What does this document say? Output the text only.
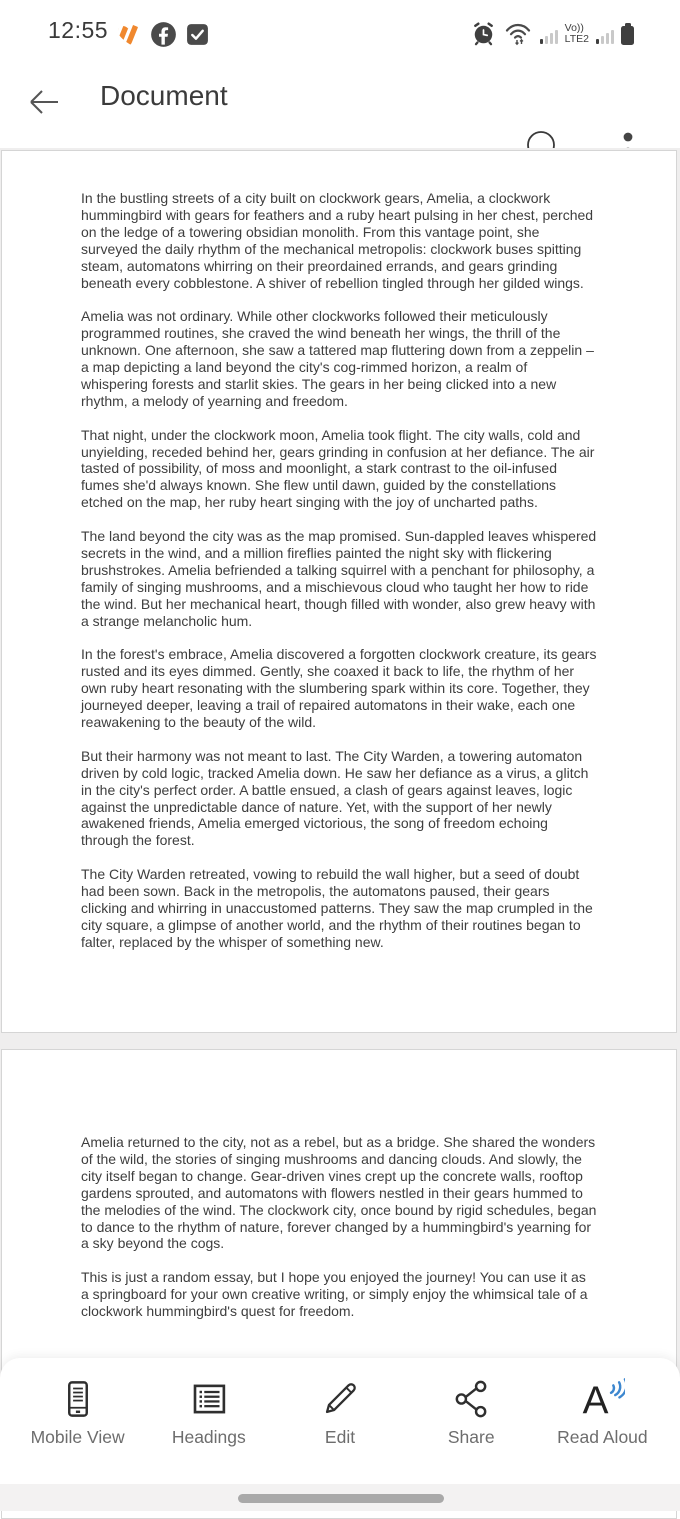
12:55	Vo))
LTE2
Document

In the bustling streets of a city built on clockwork gears, Amelia, a clockwork hummingbird with gears for feathers and a ruby heart pulsing in her chest, perched on the ledge of a towering obsidian monolith. From this vantage point, she surveyed the daily rhythm of the mechanical metropolis: clockwork buses spitting steam, automatons whirring on their preordained errands, and gears grinding beneath every cobblestone. A shiver of rebellion tingled through her gilded wings.

Amelia was not ordinary. While other clockworks followed their meticulously programmed routines, she craved the wind beneath her wings, the thrill of the unknown. One afternoon, she saw a tattered map fluttering down from a zeppelin – a map depicting a land beyond the city's cog-rimmed horizon, a realm of whispering forests and starlit skies. The gears in her being clicked into a new rhythm, a melody of yearning and freedom.

That night, under the clockwork moon, Amelia took flight. The city walls, cold and unyielding, receded behind her, gears grinding in confusion at her defiance. The air tasted of possibility, of moss and moonlight, a stark contrast to the oil-infused fumes she'd always known. She flew until dawn, guided by the constellations etched on the map, her ruby heart singing with the joy of uncharted paths.

The land beyond the city was as the map promised. Sun-dappled leaves whispered secrets in the wind, and a million fireflies painted the night sky with flickering brushstrokes. Amelia befriended a talking squirrel with a penchant for philosophy, a family of singing mushrooms, and a mischievous cloud who taught her how to ride the wind. But her mechanical heart, though filled with wonder, also grew heavy with a strange melancholic hum.

In the forest's embrace, Amelia discovered a forgotten clockwork creature, its gears rusted and its eyes dimmed. Gently, she coaxed it back to life, the rhythm of her own ruby heart resonating with the slumbering spark within its core. Together, they journeyed deeper, leaving a trail of repaired automatons in their wake, each one reawakening to the beauty of the wild.

But their harmony was not meant to last. The City Warden, a towering automaton driven by cold logic, tracked Amelia down. He saw her defiance as a virus, a glitch in the city's perfect order. A battle ensued, a clash of gears against leaves, logic against the unpredictable dance of nature. Yet, with the support of her newly awakened friends, Amelia emerged victorious, the song of freedom echoing through the forest.

The City Warden retreated, vowing to rebuild the wall higher, but a seed of doubt had been sown. Back in the metropolis, the automatons paused, their gears clicking and whirring in unaccustomed patterns. They saw the map crumpled in the city square, a glimpse of another world, and the rhythm of their routines began to falter, replaced by the whisper of something new.

Amelia returned to the city, not as a rebel, but as a bridge. She shared the wonders of the wild, the stories of singing mushrooms and dancing clouds. And slowly, the city itself began to change. Gear-driven vines crept up the concrete walls, rooftop gardens sprouted, and automatons with flowers nestled in their gears hummed to the melodies of the wind. The clockwork city, once bound by rigid schedules, began to dance to the rhythm of nature, forever changed by a hummingbird's yearning for a sky beyond the cogs.

This is just a random essay, but I hope you enjoyed the journey! You can use it as a springboard for your own creative writing, or simply enjoy the whimsical tale of a clockwork hummingbird's quest for freedom.

Mobile View	Headings	Edit	Share
A
Read Aloud
